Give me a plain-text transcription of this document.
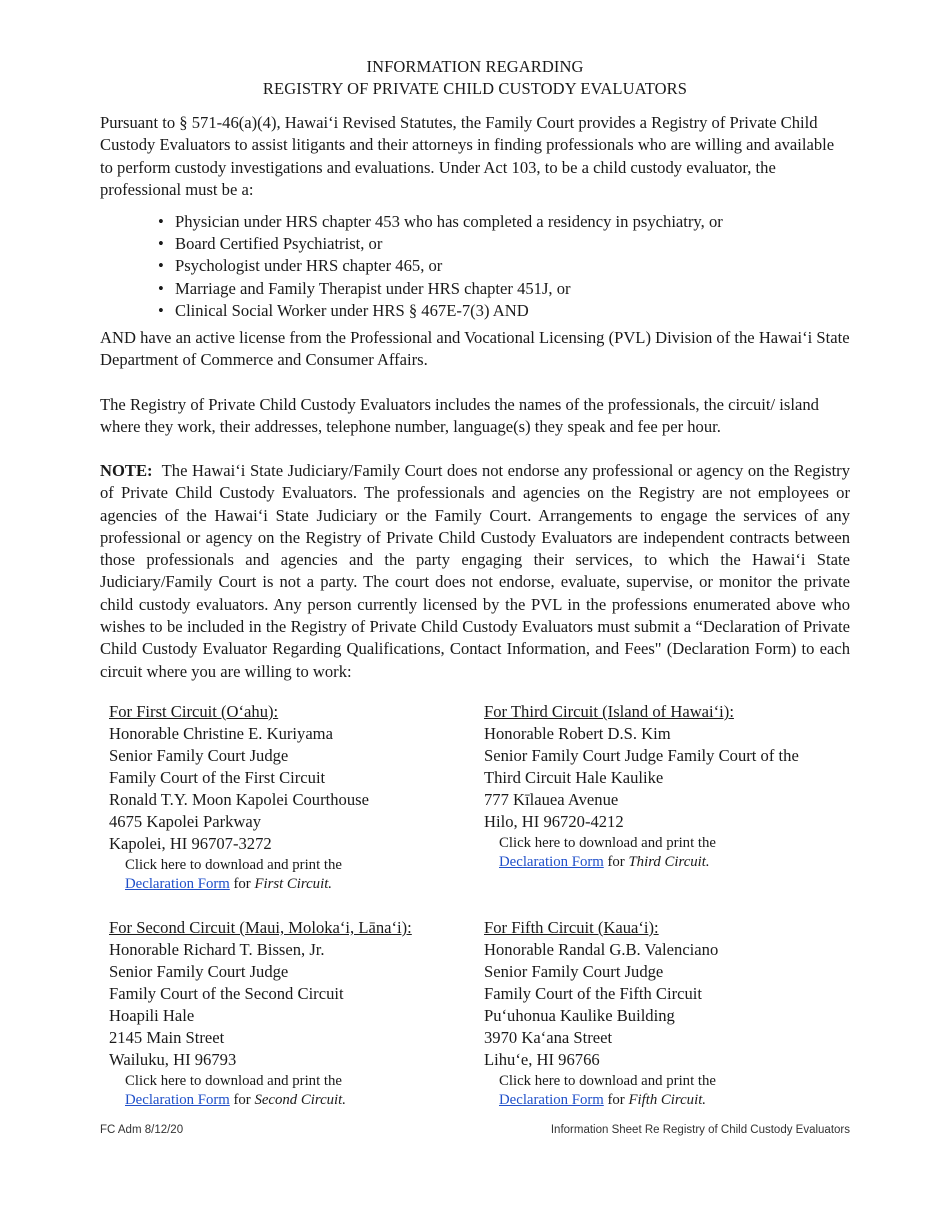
INFORMATION REGARDING
REGISTRY OF PRIVATE CHILD CUSTODY EVALUATORS

Pursuant to § 571-46(a)(4), Hawai‘i Revised Statutes, the Family Court provides a Registry of Private Child Custody Evaluators to assist litigants and their attorneys in finding professionals who are willing and available to perform custody investigations and evaluations. Under Act 103, to be a child custody evaluator, the professional must be a:

• Physician under HRS chapter 453 who has completed a residency in psychiatry, or
• Board Certified Psychiatrist, or
• Psychologist under HRS chapter 465, or
• Marriage and Family Therapist under HRS chapter 451J, or
• Clinical Social Worker under HRS § 467E-7(3) AND

AND have an active license from the Professional and Vocational Licensing (PVL) Division of the Hawai‘i State Department of Commerce and Consumer Affairs.

The Registry of Private Child Custody Evaluators includes the names of the professionals, the circuit/ island where they work, their addresses, telephone number, language(s) they speak and fee per hour.

NOTE: The Hawai‘i State Judiciary/Family Court does not endorse any professional or agency on the Registry of Private Child Custody Evaluators. The professionals and agencies on the Registry are not employees or agencies of the Hawai‘i State Judiciary or the Family Court. Arrangements to engage the services of any professional or agency on the Registry of Private Child Custody Evaluators are independent contracts between those professionals and agencies and the party engaging their services, to which the Hawai‘i State Judiciary/Family Court is not a party. The court does not endorse, evaluate, supervise, or monitor the private child custody evaluators. Any person currently licensed by the PVL in the professions enumerated above who wishes to be included in the Registry of Private Child Custody Evaluators must submit a “Declaration of Private Child Custody Evaluator Regarding Qualifications, Contact Information, and Fees" (Declaration Form) to each circuit where you are willing to work:

For First Circuit (O‘ahu):
Honorable Christine E. Kuriyama
Senior Family Court Judge
Family Court of the First Circuit
Ronald T.Y. Moon Kapolei Courthouse
4675 Kapolei Parkway
Kapolei, HI 96707-3272
Click here to download and print the
Declaration Form for First Circuit.
For Third Circuit (Island of Hawai‘i):
Honorable Robert D.S. Kim
Senior Family Court Judge Family Court of the
Third Circuit Hale Kaulike
777 Kīlauea Avenue
Hilo, HI 96720-4212
Click here to download and print the
Declaration Form for Third Circuit.
For Second Circuit (Maui, Moloka‘i, Lāna‘i):
Honorable Richard T. Bissen, Jr.
Senior Family Court Judge
Family Court of the Second Circuit
Hoapili Hale
2145 Main Street
Wailuku, HI 96793
Click here to download and print the
Declaration Form for Second Circuit.
For Fifth Circuit (Kaua‘i):
Honorable Randal G.B. Valenciano
Senior Family Court Judge
Family Court of the Fifth Circuit
Pu‘uhonua Kaulike Building
3970 Ka‘ana Street
Lihu‘e, HI 96766
Click here to download and print the
Declaration Form for Fifth Circuit.
FC Adm 8/12/20	Information Sheet Re Registry of Child Custody Evaluators
